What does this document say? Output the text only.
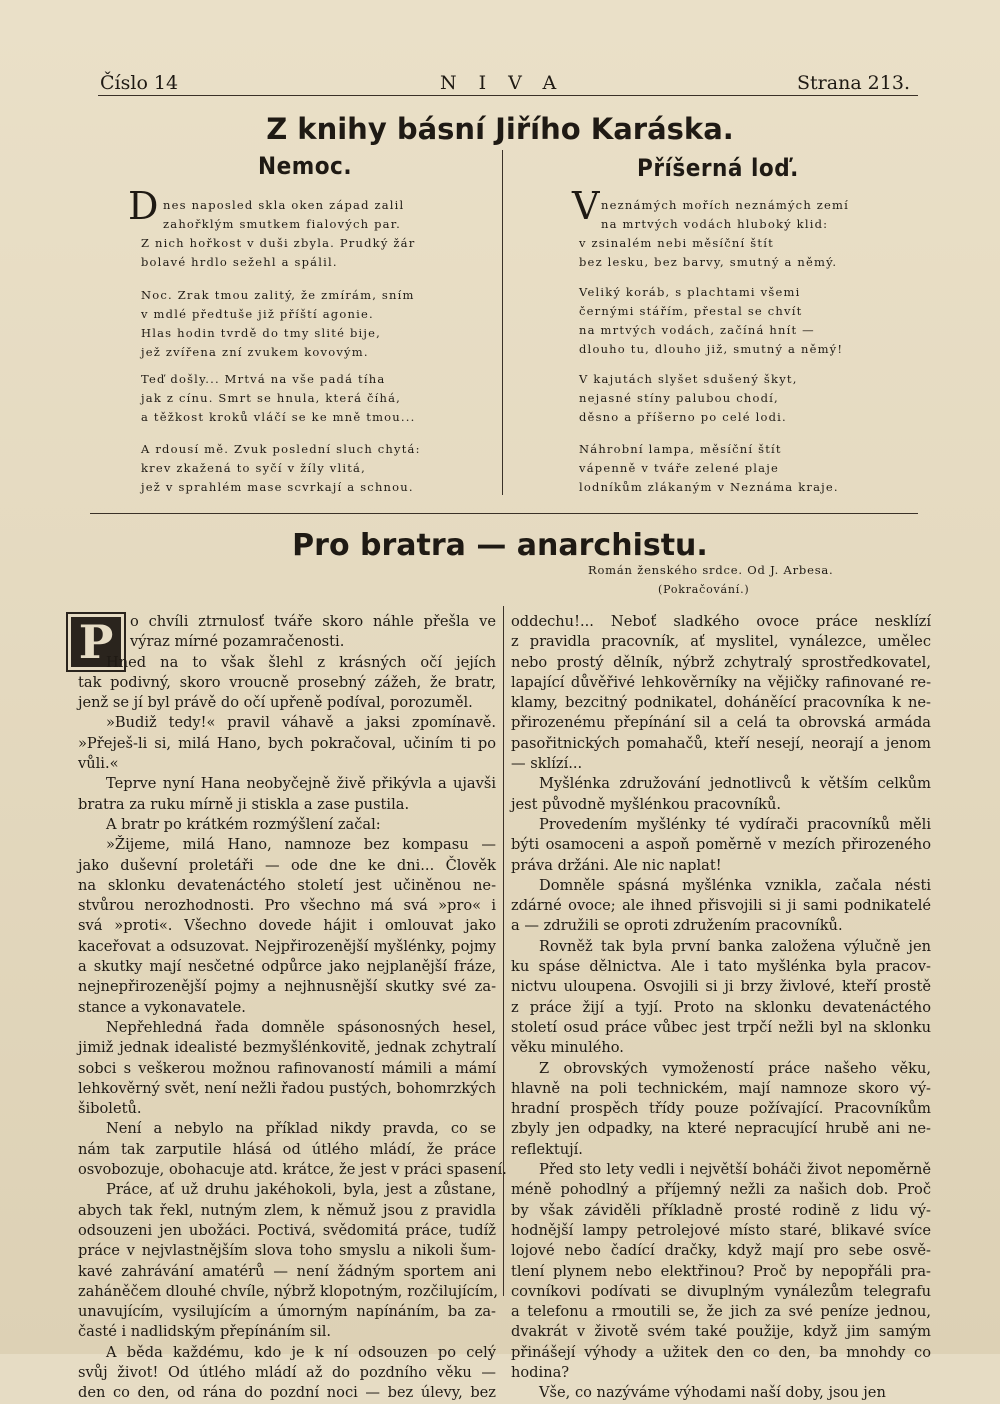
Číslo 14	NIVA	Strana 213.
Z knihy básní Jiřího Karáska.
Nemoc.
D nes naposled skla oken západ zalil
zahořklým smutkem fialových par.
Z nich hořkost v duši zbyla. Prudký žár
bolavé hrdlo sežehl a spálil.
Noc. Zrak tmou zalitý, že zmírám, sním
v mdlé předtuše již příští agonie.
Hlas hodin tvrdě do tmy slité bije,
jež zvířena zní zvukem kovovým.
Teď došly... Mrtvá na vše padá tíha
jak z cínu. Smrt se hnula, která číhá,
a těžkost kroků vláčí se ke mně tmou...
A rdousí mě. Zvuk poslední sluch chytá:
krev zkažená to syčí v žíly vlitá,
jež v sprahlém mase scvrkají a schnou.
Příšerná loď.
V neznámých mořích neznámých zemí
na mrtvých vodách hluboký klid:
v zsinalém nebi měsíční štít
bez lesku, bez barvy, smutný a němý.
Veliký koráb, s plachtami všemi
černými stářím, přestal se chvít
na mrtvých vodách, začíná hnít —
dlouho tu, dlouho již, smutný a němý!
V kajutách slyšet sdušený škyt,
nejasné stíny palubou chodí,
děsno a příšerno po celé lodi.
Náhrobní lampa, měsíční štít
vápenně v tváře zelené plaje
lodníkům zlákaným v Neznáma kraje.
Pro bratra — anarchistu.
Román ženského srdce. Od J. Arbesa.
(Pokračování.)
P	o chvíli ztrnulosť tváře skoro náhle přešla ve
výraz mírné pozamračenosti.
Hned na to však šlehl z krásných očí jejích
tak podivný, skoro vroucně prosebný zážeh, že bratr,
jenž se jí byl právě do očí upřeně podíval, porozuměl.
»Budiž tedy!« pravil váhavě a jaksi zpomínavě.
»Přeješ-li si, milá Hano, bych pokračoval, učiním ti po
vůli.«
Teprve nyní Hana neobyčejně živě přikývla a ujavši
bratra za ruku mírně ji stiskla a zase pustila.
A bratr po krátkém rozmýšlení začal:
»Žijeme, milá Hano, namnoze bez kompasu —
jako duševní proletáři — ode dne ke dni... Člověk
na sklonku devatenáctého století jest učiněnou ne-
stvůrou nerozhodnosti. Pro všechno má svá »pro« i
svá »proti«. Všechno dovede hájit i omlouvat jako
kaceřovat a odsuzovat. Nejpřirozenější myšlénky, pojmy
a skutky mají nesčetné odpůrce jako nejplanější fráze,
nejnepřirozenější pojmy a nejhnusnější skutky své za-
stance a vykonavatele.
Nepřehledná řada domněle spásonosných hesel,
jimiž jednak idealisté bezmyšlénkovitě, jednak zchytralí
sobci s veškerou možnou rafinovaností mámili a mámí
lehkověrný svět, není nežli řadou pustých, bohomrzkých
šiboletů.
Není a nebylo na příklad nikdy pravda, co se
nám tak zarputile hlásá od útlého mládí, že práce
osvobozuje, obohacuje atd. krátce, že jest v práci spasení.
Práce, ať už druhu jakéhokoli, byla, jest a zůstane,
abych tak řekl, nutným zlem, k němuž jsou z pravidla
odsouzeni jen ubožáci. Poctivá, svědomitá práce, tudíž
práce v nejvlastnějším slova toho smyslu a nikoli šum-
kavé zahrávání amatérů — není žádným sportem ani
zaháněčem dlouhé chvíle, nýbrž klopotným, rozčilujícím,
unavujícím, vysilujícím a úmorným napínáním, ba za-
časté i nadlidským přepínáním sil.
A běda každému, kdo je k ní odsouzen po celý
svůj život! Od útlého mládí až do pozdního věku —
den co den, od rána do pozdní noci — bez úlevy, bez
oddechu!... Neboť sladkého ovoce práce nesklízí
z pravidla pracovník, ať myslitel, vynálezce, umělec
nebo prostý dělník, nýbrž zchytralý sprostředkovatel,
lapající důvěřivé lehkověrníky na vějičky rafinované re-
klamy, bezcitný podnikatel, doháněící pracovníka k ne-
přirozenému přepínání sil a celá ta obrovská armáda
pasořitnických pomahačů, kteří nesejí, neorají a jenom
— sklízí...
Myšlénka združování jednotlivců k větším celkům
jest původně myšlénkou pracovníků.
Provedením myšlénky té vydírači pracovníků měli
býti osamoceni a aspoň poměrně v mezích přirozeného
práva držáni. Ale nic naplat!
Domněle spásná myšlénka vznikla, začala nésti
zdárné ovoce; ale ihned přisvojili si ji sami podnikatelé
a — združili se oproti združením pracovníků.
Rovněž tak byla první banka založena výlučně jen
ku spáse dělnictva. Ale i tato myšlénka byla pracov-
nictvu uloupena. Osvojili si ji brzy živlové, kteří prostě
z práce žijí a tyjí. Proto na sklonku devatenáctého
století osud práce vůbec jest trpčí nežli byl na sklonku
věku minulého.
Z obrovských vymožeností práce našeho věku,
hlavně na poli technickém, mají namnoze skoro vý-
hradní prospěch třídy pouze požívající. Pracovníkům
zbyly jen odpadky, na které nepracující hrubě ani ne-
reflektují.
Před sto lety vedli i největší boháči život nepoměrně
méně pohodlný a příjemný nežli za našich dob. Proč
by však záviděli příkladně prosté rodině z lidu vý-
hodnější lampy petrolejové místo staré, blikavé svíce
lojové nebo čadící dračky, když mají pro sebe osvě-
tlení plynem nebo elektřinou? Proč by nepopřáli pra-
covníkovi podívati se divuplným vynálezům telegrafu
a telefonu a rmoutili se, že jich za své peníze jednou,
dvakrát v životě svém také použije, když jim samým
přinášejí výhody a užitek den co den, ba mnohdy co
hodina?
Vše, co nazýváme výhodami naší doby, jsou jen
